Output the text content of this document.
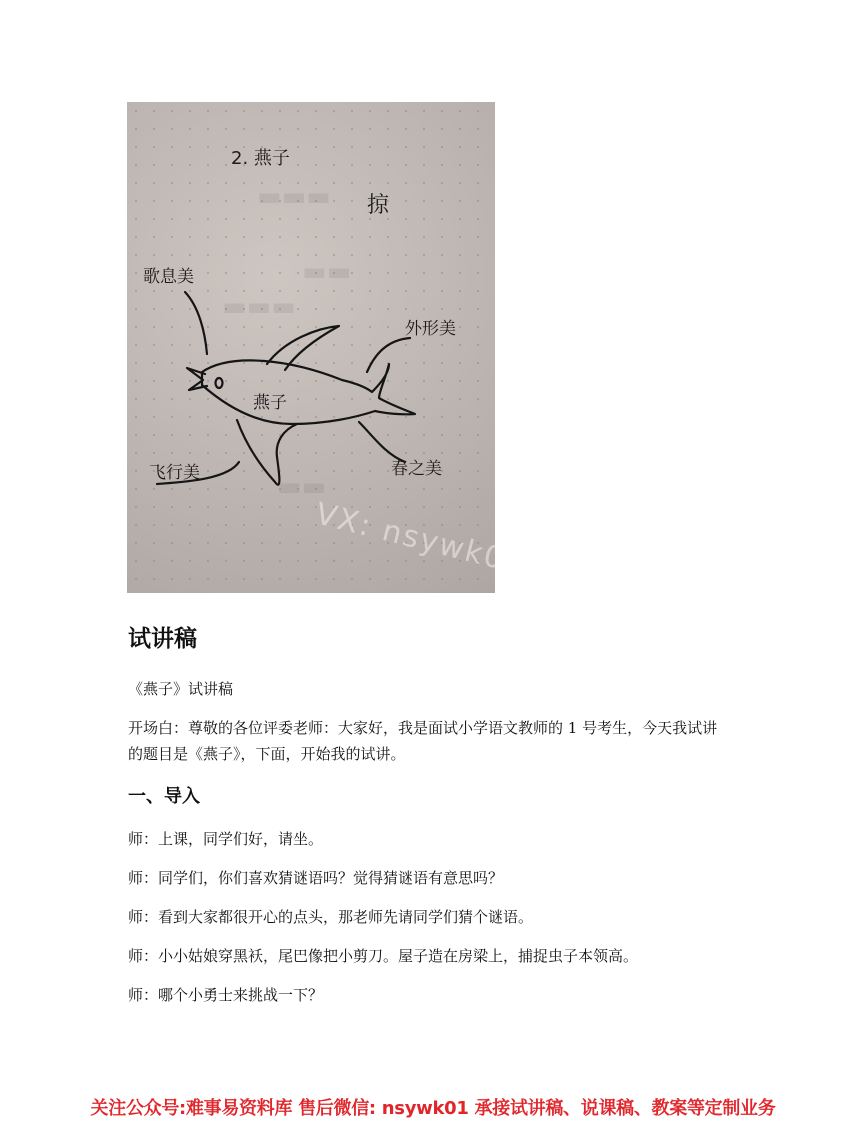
▬▬▬
▬▬
▬▬▬
▬▬
2. 燕子
掠
歌息美
外形美
燕子
飞行美	春之美
VX: nsywk01
试讲稿

《燕子》试讲稿

开场白：尊敬的各位评委老师：大家好，我是面试小学语文教师的 1 号考生，今天我试讲的题目是《燕子》，下面，开始我的试讲。

一、导入

师：上课，同学们好，请坐。

师：同学们，你们喜欢猜谜语吗？觉得猜谜语有意思吗？

师：看到大家都很开心的点头，那老师先请同学们猜个谜语。

师：小小姑娘穿黑袄，尾巴像把小剪刀。屋子造在房梁上，捕捉虫子本领高。

师：哪个小勇士来挑战一下？

关注公众号:难事易资料库 售后微信: nsywk01 承接试讲稿、说课稿、教案等定制业务
